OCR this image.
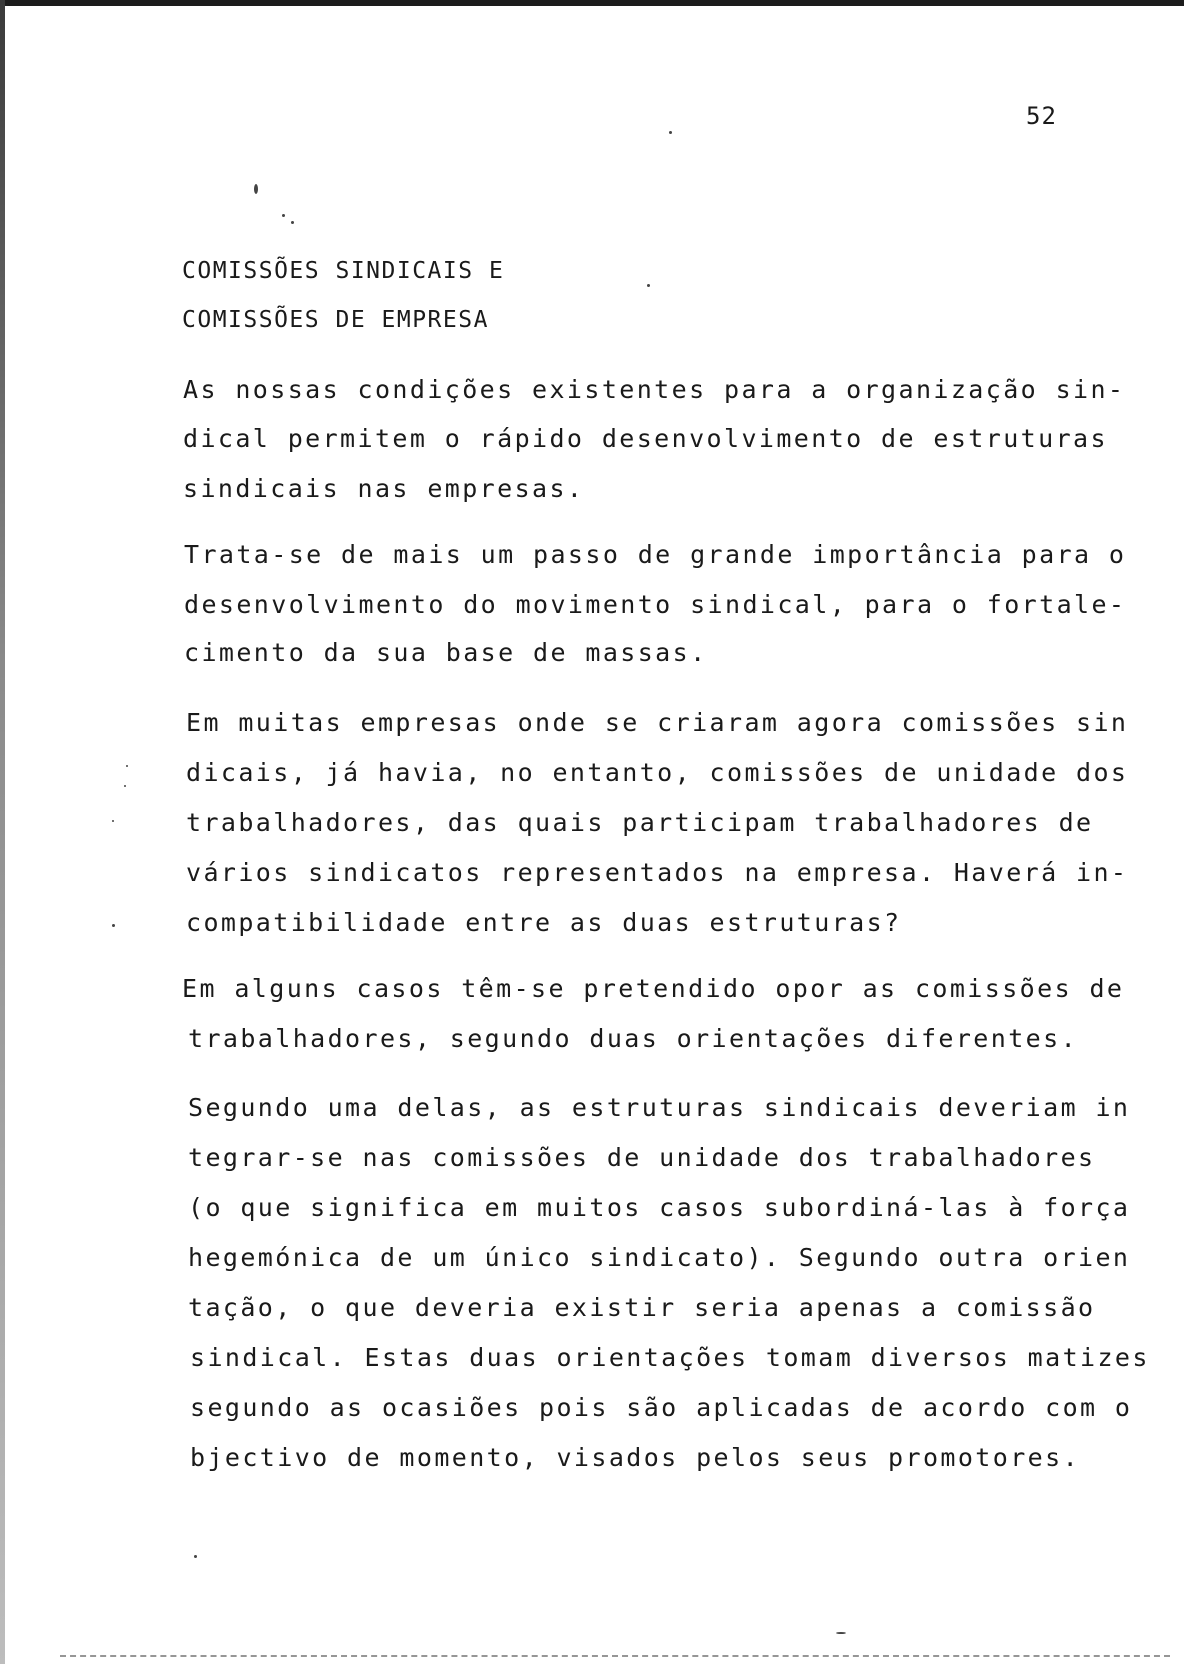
52
COMISSÕES SINDICAIS E
COMISSÕES DE EMPRESA
As nossas condições existentes para a organização sin-
dical permitem o rápido desenvolvimento de estruturas
sindicais nas empresas.
Trata-se de mais um passo de grande importância para o
desenvolvimento do movimento sindical, para o fortale-
cimento da sua base de massas.
Em muitas empresas onde se criaram agora comissões sin
dicais, já havia, no entanto, comissões de unidade dos
trabalhadores, das quais participam trabalhadores de
vários sindicatos representados na empresa. Haverá in-
compatibilidade entre as duas estruturas?
Em alguns casos têm-se pretendido opor as comissões de
trabalhadores, segundo duas orientações diferentes.
Segundo uma delas, as estruturas sindicais deveriam in
tegrar-se nas comissões de unidade dos trabalhadores
(o que significa em muitos casos subordiná-las à força
hegemónica de um único sindicato). Segundo outra orien
tação, o que deveria existir seria apenas a comissão
sindical. Estas duas orientações tomam diversos matizes
segundo as ocasiões pois são aplicadas de acordo com o
bjectivo de momento, visados pelos seus promotores.
